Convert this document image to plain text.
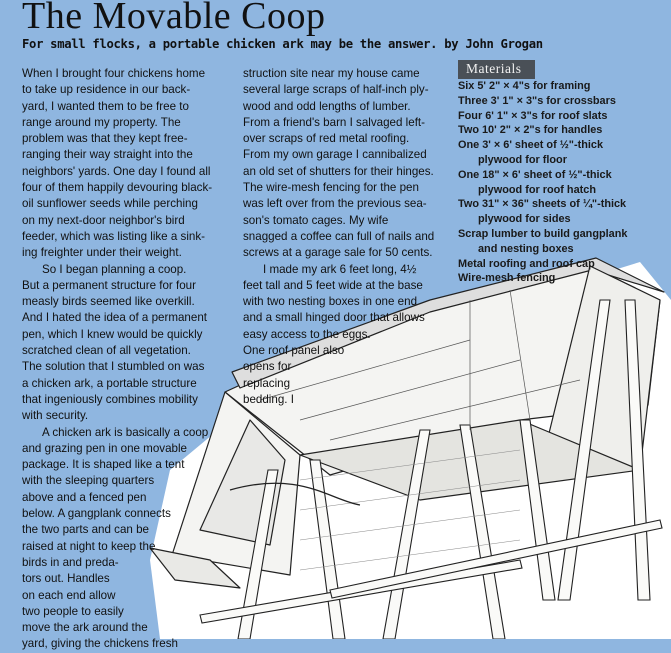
The Movable Coop
For small flocks, a portable chicken ark may be the answer. by John Grogan
When I brought four chickens home
to take up residence in our back-
yard, I wanted them to be free to
range around my property. The
problem was that they kept free-
ranging their way straight into the
neighbors' yards. One day I found all
four of them happily devouring black-
oil sunflower seeds while perching
on my next-door neighbor's bird
feeder, which was listing like a sink-
ing freighter under their weight.
So I began planning a coop.
But a permanent structure for four
measly birds seemed like overkill.
And I hated the idea of a permanent
pen, which I knew would be quickly
scratched clean of all vegetation.
The solution that I stumbled on was
a chicken ark, a portable structure
that ingeniously combines mobility
with security.
A chicken ark is basically a coop
and grazing pen in one movable
package. It is shaped like a tent
with the sleeping quarters
above and a fenced pen
below. A gangplank connects
the two parts and can be
raised at night to keep the
birds in and preda-
tors out. Handles
on each end allow
two people to easily
move the ark around the
yard, giving the chickens fresh
struction site near my house came
several large scraps of half-inch ply-
wood and odd lengths of lumber.
From a friend's barn I salvaged left-
over scraps of red metal roofing.
From my own garage I cannibalized
an old set of shutters for their hinges.
The wire-mesh fencing for the pen
was left over from the previous sea-
son's tomato cages. My wife
snagged a coffee can full of nails and
screws at a garage sale for 50 cents.
I made my ark 6 feet long, 4½
feet tall and 5 feet wide at the base
with two nesting boxes in one end
and a small hinged door that allows
easy access to the eggs.
One roof panel also
opens for
replacing
bedding. I
Materials
Six 5' 2" × 4"s for framing
Three 3' 1" × 3"s for crossbars
Four 6' 1" × 3"s for roof slats
Two 10' 2" × 2"s for handles
One 3' × 6' sheet of ½"-thick
plywood for floor
One 18" × 6' sheet of ½"-thick
plywood for roof hatch
Two 31" × 36" sheets of ¼"-thick
plywood for sides
Scrap lumber to build gangplank
and nesting boxes
Metal roofing and roof cap
Wire-mesh fencing
